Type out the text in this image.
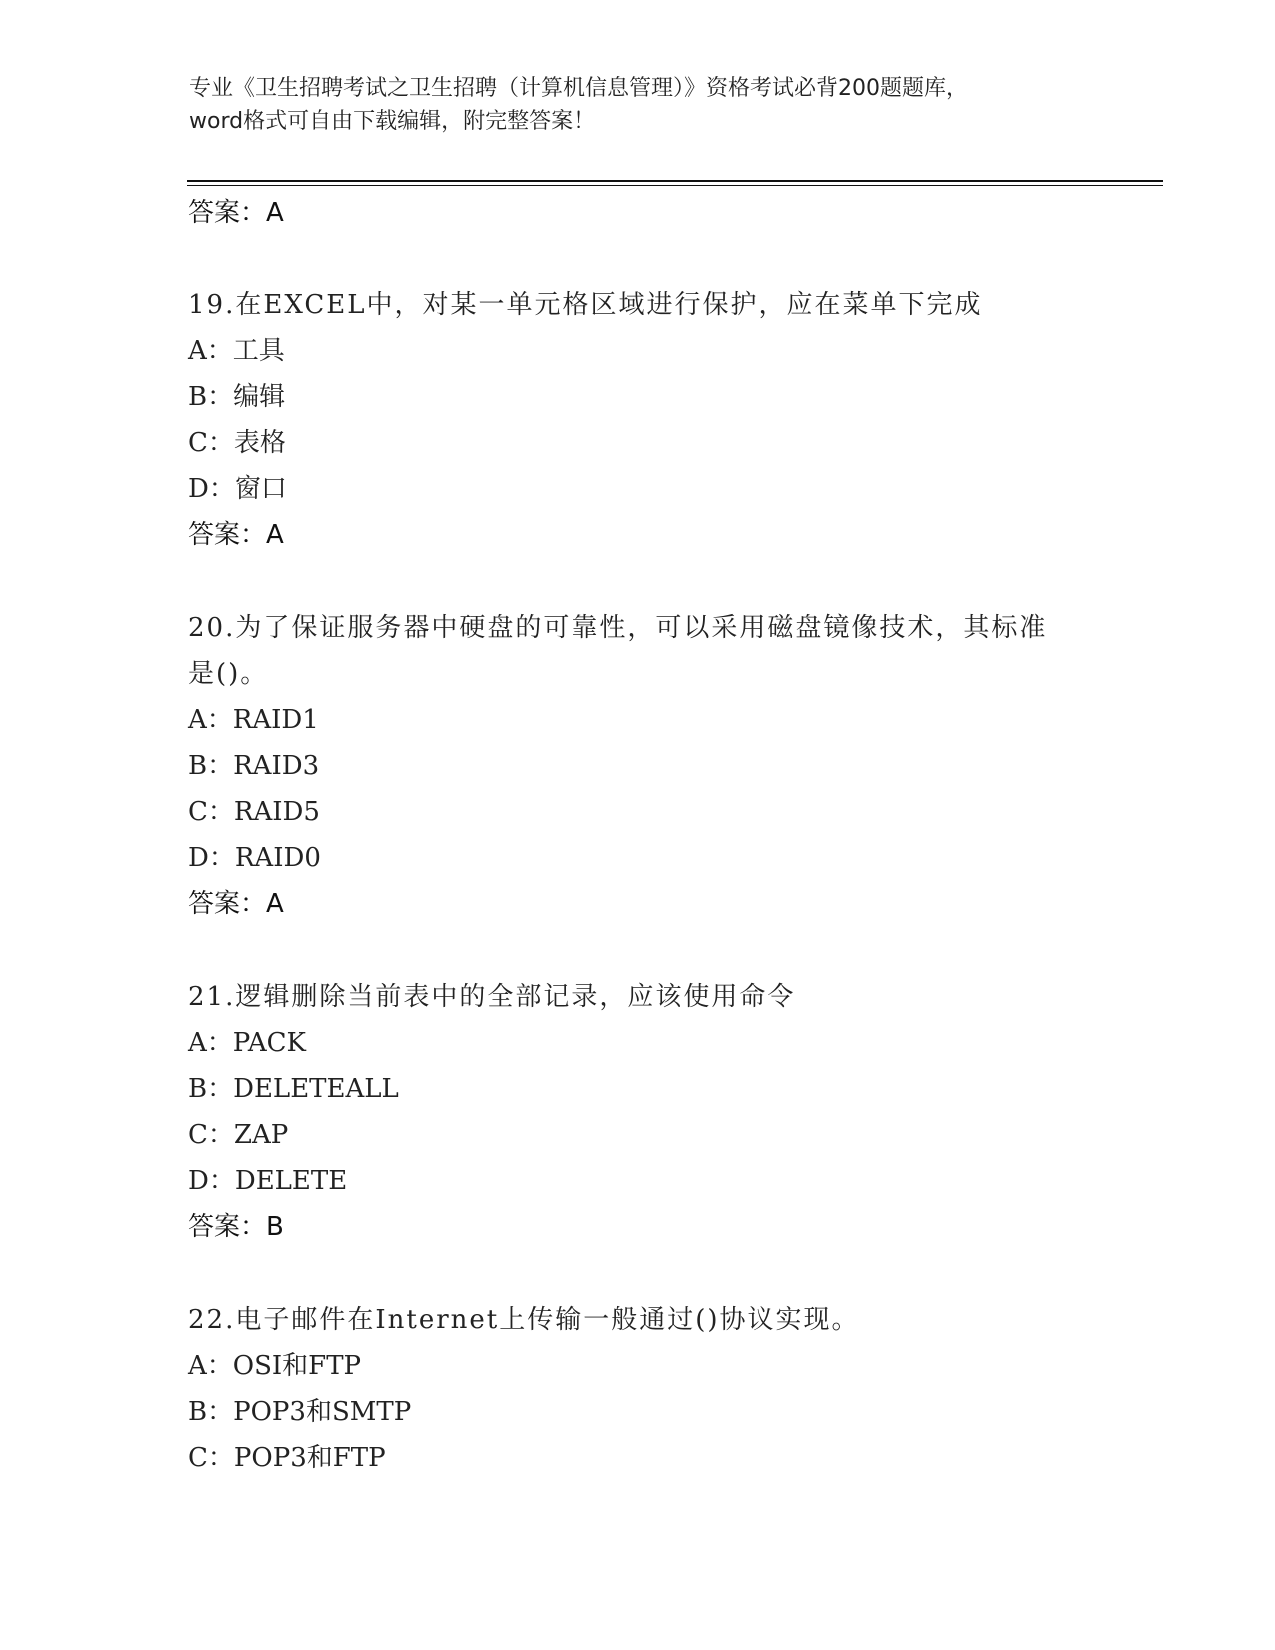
专业《卫生招聘考试之卫生招聘（计算机信息管理）》资格考试必背200题题库，
word格式可自由下载编辑，附完整答案！
答案：A
19.在EXCEL中，对某一单元格区域进行保护，应在菜单下完成
A：工具
B：编辑
C：表格
D：窗口
答案：A
20.为了保证服务器中硬盘的可靠性，可以采用磁盘镜像技术，其标准是()。
A：RAID1
B：RAID3
C：RAID5
D：RAID0
答案：A
21.逻辑删除当前表中的全部记录，应该使用命令
A：PACK
B：DELETEALL
C：ZAP
D：DELETE
答案：B
22.电子邮件在Internet上传输一般通过()协议实现。
A：OSI和FTP
B：POP3和SMTP
C：POP3和FTP
